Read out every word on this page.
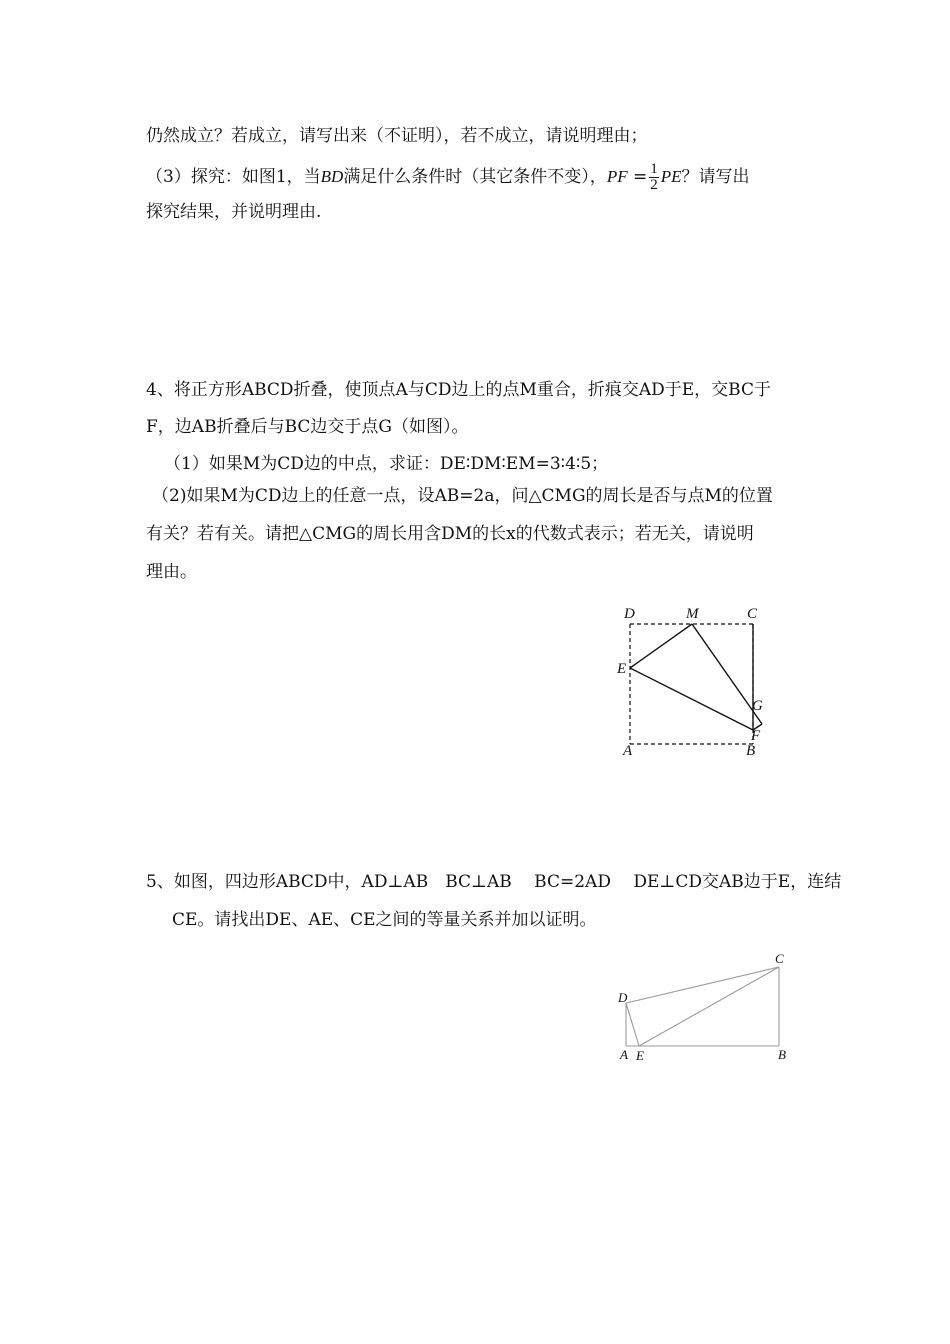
仍然成立？若成立，请写出来（不证明），若不成立，请说明理由；
（3）探究：如图1，当BD满足什么条件时（其它条件不变），PF = $\frac{1}{2}$ PE？请写出
探究结果，并说明理由.
4、将正方形ABCD折叠，使顶点A与CD边上的点M重合，折痕交AD于E，交BC于
F，边AB折叠后与BC边交于点G（如图）。
（1）如果M为CD边的中点，求证：DE∶DM∶EM=3∶4∶5；
（2)如果M为CD边上的任意一点，设AB=2a，问△CMG的周长是否与点M的位置
有关？若有关。请把△CMG的周长用含DM的长x的代数式表示；若无关，请说明
理由。
D	M	C
E
G
F
A	B
5、如图，四边形ABCD中，AD⊥AB　BC⊥AB　 BC=2AD　 DE⊥CD交AB边于E，连结
CE。请找出DE、AE、CE之间的等量关系并加以证明。
C
D
A E	B
